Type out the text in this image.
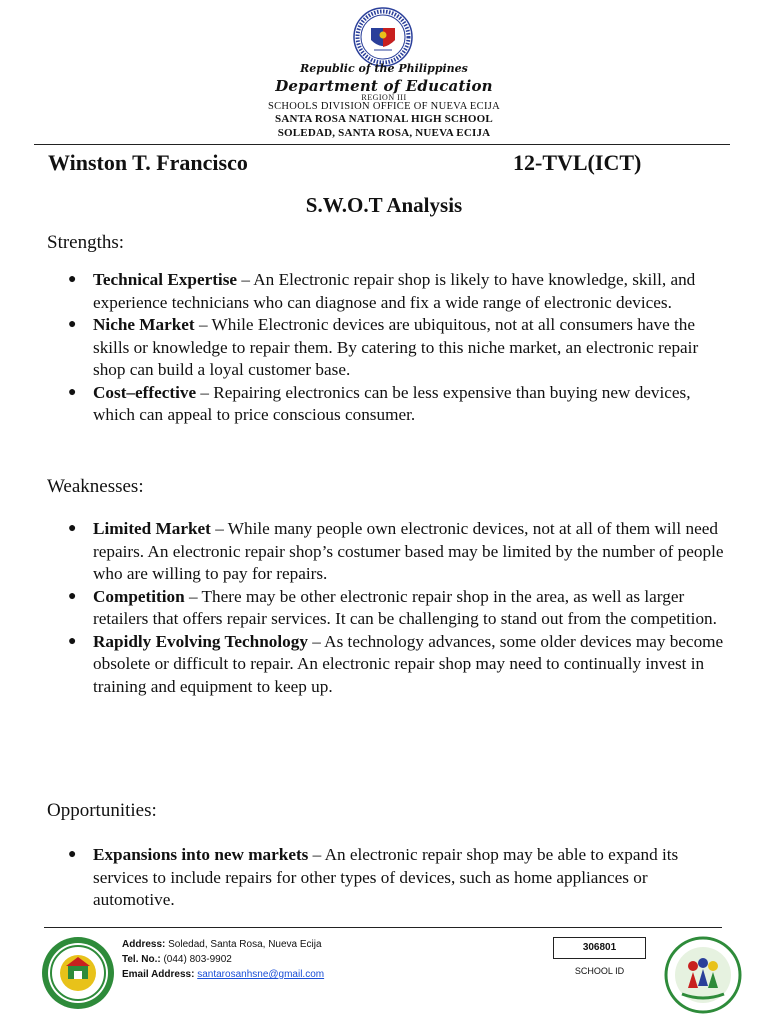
Republic of the Philippines
Department of Education
REGION III
SCHOOLS DIVISION OFFICE OF NUEVA ECIJA
SANTA ROSA NATIONAL HIGH SCHOOL
SOLEDAD, SANTA ROSA, NUEVA ECIJA
Winston T. Francisco	12-TVL(ICT)
S.W.O.T Analysis
Strengths:
● Technical Expertise – An Electronic repair shop is likely to have knowledge, skill, and experience technicians who can diagnose and fix a wide range of electronic devices.
● Niche Market – While Electronic devices are ubiquitous, not at all consumers have the skills or knowledge to repair them. By catering to this niche market, an electronic repair shop can build a loyal customer base.
● Cost–effective – Repairing electronics can be less expensive than buying new devices, which can appeal to price conscious consumer.
Weaknesses:
● Limited Market – While many people own electronic devices, not at all of them will need repairs. An electronic repair shop’s costumer based may be limited by the number of people who are willing to pay for repairs.
● Competition – There may be other electronic repair shop in the area, as well as larger retailers that offers repair services. It can be challenging to stand out from the competition.
● Rapidly Evolving Technology – As technology advances, some older devices may become obsolete or difficult to repair. An electronic repair shop may need to continually invest in training and equipment to keep up.
Opportunities:
● Expansions into new markets – An electronic repair shop may be able to expand its services to include repairs for other types of devices, such as home appliances or automotive.
Address: Soledad, Santa Rosa, Nueva Ecija
Tel. No.: (044) 803-9902
Email Address: santarosanhsne@gmail.com
306801
SCHOOL ID
